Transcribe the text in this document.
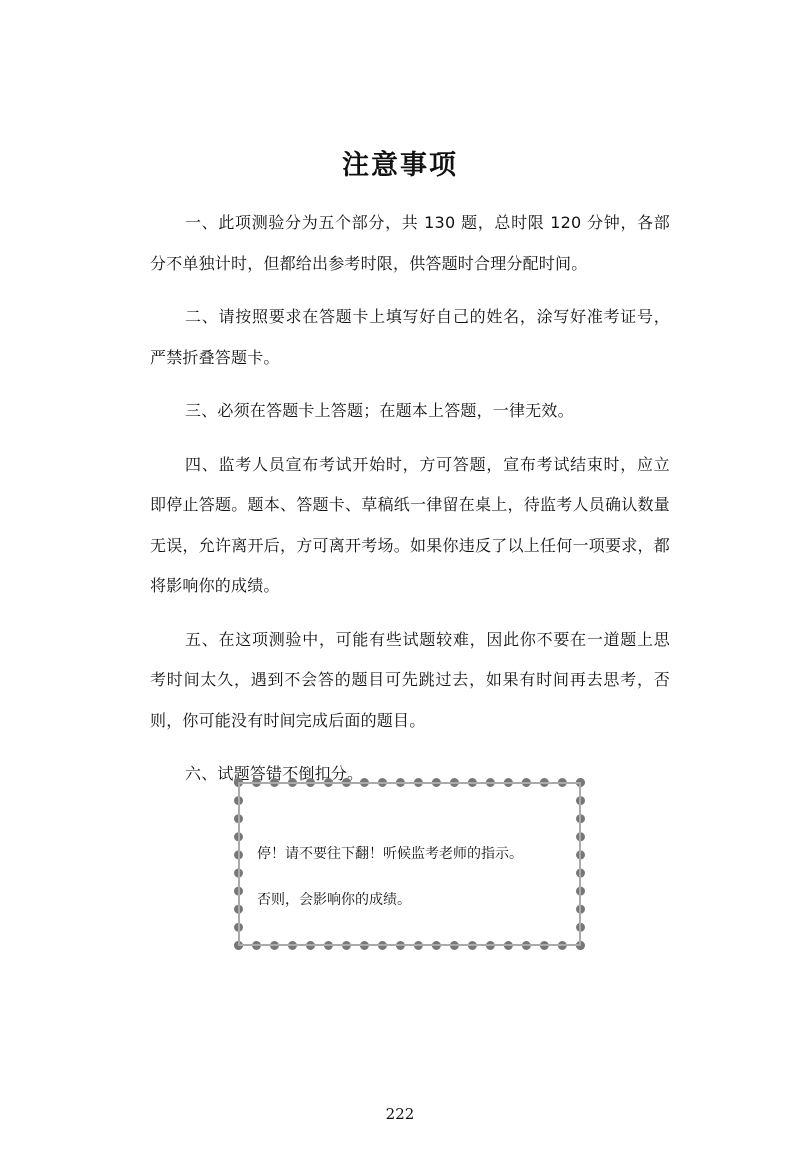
注意事项

一、此项测验分为五个部分，共 130 题，总时限 120 分钟，各部分不单独计时，但都给出参考时限，供答题时合理分配时间。

二、请按照要求在答题卡上填写好自己的姓名，涂写好准考证号，严禁折叠答题卡。

三、必须在答题卡上答题；在题本上答题，一律无效。

四、监考人员宣布考试开始时，方可答题，宣布考试结束时，应立即停止答题。题本、答题卡、草稿纸一律留在桌上，待监考人员确认数量无误，允许离开后，方可离开考场。如果你违反了以上任何一项要求，都将影响你的成绩。

五、在这项测验中，可能有些试题较难，因此你不要在一道题上思考时间太久，遇到不会答的题目可先跳过去，如果有时间再去思考，否则，你可能没有时间完成后面的题目。

六、试题答错不倒扣分。

停！请不要往下翻！听候监考老师的指示。
否则，会影响你的成绩。
222
